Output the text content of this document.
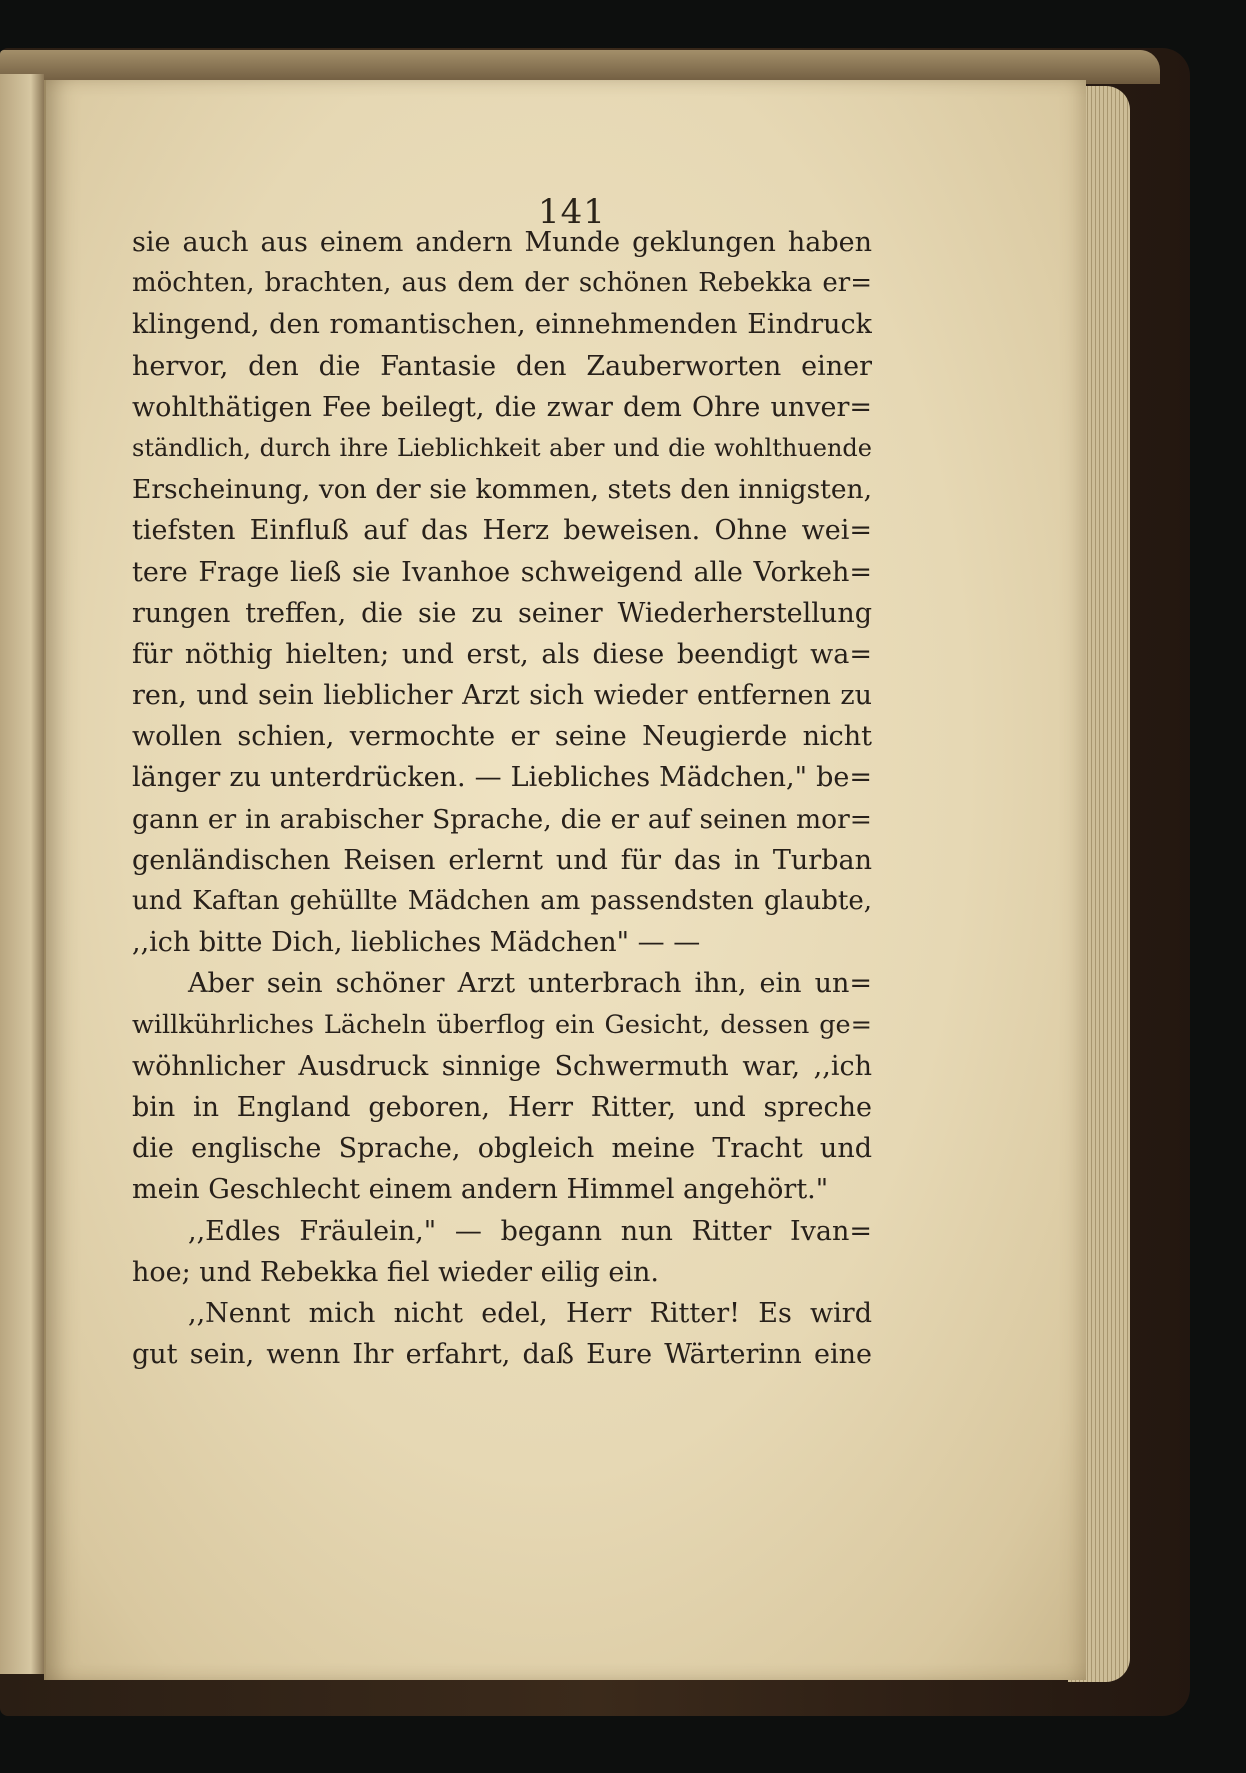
141
sie auch aus einem andern Munde geklungen haben
möchten, brachten, aus dem der schönen Rebekka er=
klingend, den romantischen, einnehmenden Eindruck
hervor, den die Fantasie den Zauberworten einer
wohlthätigen Fee beilegt, die zwar dem Ohre unver=
ständlich, durch ihre Lieblichkeit aber und die wohlthuende
Erscheinung, von der sie kommen, stets den innigsten,
tiefsten Einfluß auf das Herz beweisen. Ohne wei=
tere Frage ließ sie Ivanhoe schweigend alle Vorkeh=
rungen treffen, die sie zu seiner Wiederherstellung
für nöthig hielten; und erst, als diese beendigt wa=
ren, und sein lieblicher Arzt sich wieder entfernen zu
wollen schien, vermochte er seine Neugierde nicht
länger zu unterdrücken. — Liebliches Mädchen," be=
gann er in arabischer Sprache, die er auf seinen mor=
genländischen Reisen erlernt und für das in Turban
und Kaftan gehüllte Mädchen am passendsten glaubte,
,,ich bitte Dich, liebliches Mädchen" — —
Aber sein schöner Arzt unterbrach ihn, ein un=
willkührliches Lächeln überflog ein Gesicht, dessen ge=
wöhnlicher Ausdruck sinnige Schwermuth war, ,,ich
bin in England geboren, Herr Ritter, und spreche
die englische Sprache, obgleich meine Tracht und
mein Geschlecht einem andern Himmel angehört."
,,Edles Fräulein," — begann nun Ritter Ivan=
hoe; und Rebekka fiel wieder eilig ein.
,,Nennt mich nicht edel, Herr Ritter! Es wird
gut sein, wenn Ihr erfahrt, daß Eure Wärterinn eine
